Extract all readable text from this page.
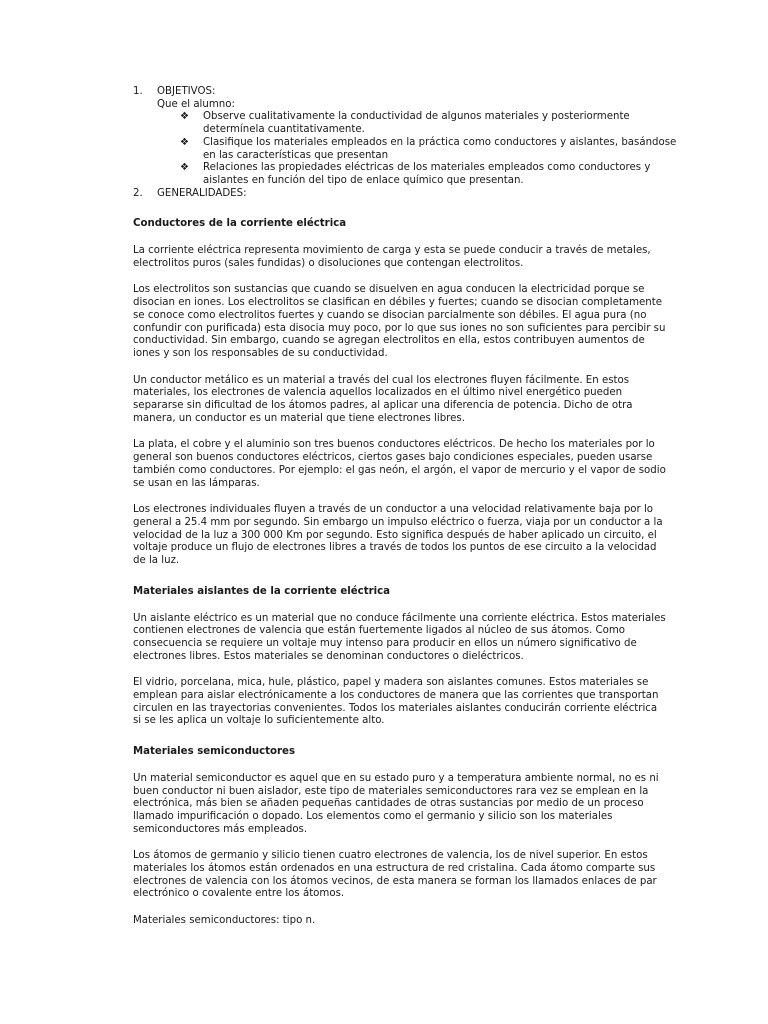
1. OBJETIVOS:
Que el alumno:
❖ Observe cualitativamente la conductividad de algunos materiales y posteriormente determínela cuantitativamente.
❖ Clasifique los materiales empleados en la práctica como conductores y aislantes, basándose en las características que presentan
❖ Relaciones las propiedades eléctricas de los materiales empleados como conductores y aislantes en función del tipo de enlace químico que presentan.
2. GENERALIDADES:
Conductores de la corriente eléctrica

La corriente eléctrica representa movimiento de carga y esta se puede conducir a través de metales, electrolitos puros (sales fundidas) o disoluciones que contengan electrolitos.

Los electrolitos son sustancias que cuando se disuelven en agua conducen la electricidad porque se disocian en iones. Los electrolitos se clasifican en débiles y fuertes; cuando se disocian completamente se conoce como electrolitos fuertes y cuando se disocian parcialmente son débiles. El agua pura (no confundir con purificada) esta disocia muy poco, por lo que sus iones no son suficientes para percibir su conductividad. Sin embargo, cuando se agregan electrolitos en ella, estos contribuyen aumentos de iones y son los responsables de su conductividad.

Un conductor metálico es un material a través del cual los electrones fluyen fácilmente. En estos materiales, los electrones de valencia aquellos localizados en el último nivel energético pueden separarse sin dificultad de los átomos padres, al aplicar una diferencia de potencia. Dicho de otra manera, un conductor es un material que tiene electrones libres.

La plata, el cobre y el aluminio son tres buenos conductores eléctricos. De hecho los materiales por lo general son buenos conductores eléctricos, ciertos gases bajo condiciones especiales, pueden usarse también como conductores. Por ejemplo: el gas neón, el argón, el vapor de mercurio y el vapor de sodio se usan en las lámparas.

Los electrones individuales fluyen a través de un conductor a una velocidad relativamente baja por lo general a 25.4 mm por segundo. Sin embargo un impulso eléctrico o fuerza, viaja por un conductor a la velocidad de la luz a 300 000 Km por segundo. Esto significa después de haber aplicado un circuito, el voltaje produce un flujo de electrones libres a través de todos los puntos de ese circuito a la velocidad de la luz.

Materiales aislantes de la corriente eléctrica

Un aislante eléctrico es un material que no conduce fácilmente una corriente eléctrica. Estos materiales contienen electrones de valencia que están fuertemente ligados al núcleo de sus átomos. Como consecuencia se requiere un voltaje muy intenso para producir en ellos un número significativo de electrones libres. Estos materiales se denominan conductores o dieléctricos.

El vidrio, porcelana, mica, hule, plástico, papel y madera son aislantes comunes. Estos materiales se emplean para aislar electrónicamente a los conductores de manera que las corrientes que transportan circulen en las trayectorias convenientes. Todos los materiales aislantes conducirán corriente eléctrica si se les aplica un voltaje lo suficientemente alto.

Materiales semiconductores

Un material semiconductor es aquel que en su estado puro y a temperatura ambiente normal, no es ni buen conductor ni buen aislador, este tipo de materiales semiconductores rara vez se emplean en la electrónica, más bien se añaden pequeñas cantidades de otras sustancias por medio de un proceso llamado impurificación o dopado. Los elementos como el germanio y silicio son los materiales semiconductores más empleados.

Los átomos de germanio y silicio tienen cuatro electrones de valencia, los de nivel superior. En estos materiales los átomos están ordenados en una estructura de red cristalina. Cada átomo comparte sus electrones de valencia con los átomos vecinos, de esta manera se forman los llamados enlaces de par electrónico o covalente entre los átomos.

Materiales semiconductores: tipo n.
